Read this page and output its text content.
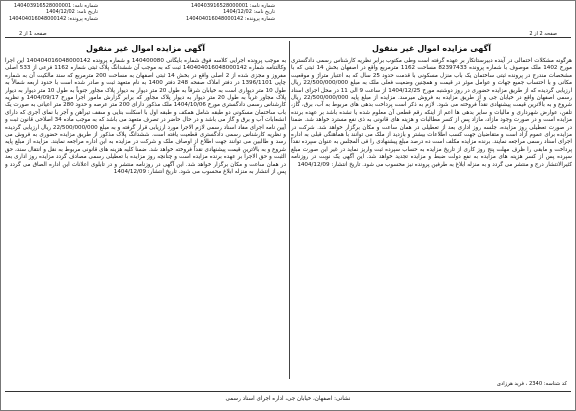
شماره نامه: 140403916528000001
تاریخ نامه: 1404/12/02
شماره پرونده: 140404016048000142
شماره نامه: 140403916528000001
تاریخ نامه: 1404/12/02
شماره پرونده: 140404016048000142
صفحه 1 از 2	صفحه 2 از 2
آگهی مزایده اموال غیر منقول
هرگونه مشکلات احتمالی در آینده دبیرستانکار بر عهده گرفته است وطی مکتوب برابر نظریه کارشناس رسمی دادگستری مورخ 1402 ملک موصوف با شماره پرونده 82397433 مساحت 1162 مترمربع واقع در اصفهان بخش 14 ثبتی که با مشخصات مندرج در پرونده ثبتی ساختمان یک باب منزل مسکونی با قدمت حدود 25 سال که به اعتبار متراژ و موقعیت مکانی و با احتساب جمیع جهات و عوامل موثر در قیمت و همچنین وضعیت فعلی ملک به مبلغ 22/500/000/000 ریال ارزیابی گردیده که از طریق مزایده حضوری در روز دوشنبه مورخ 1404/12/25 از ساعت 9 الی 11 در محل اجرای اسناد رسمی اصفهان واقع در خیابان جی و از طریق مزایده به فروش میرسد. مزایده از مبلغ پایه 22/500/000/000 ریال شروع و به بالاترین قیمت پیشنهادی نقداً فروخته می شود. لازم به ذکر است پرداخت بدهی های مربوط به آب، برق، گاز، تلفن، عوارض شهرداری و مالیات و سایر بدهی ها اعم از اینکه رقم قطعی آن معلوم شده یا نشده باشد بر عهده برنده مزایده است و در صورت وجود مازاد، مازاد پس از کسر مطالبات و هزینه های قانونی به ذی نفع مسترد خواهد شد. ضمنا در صورت تعطیلی روز مزایده، جلسه روز اداری بعد از تعطیلی در همان ساعت و مکان برگزار خواهد شد. شرکت در مزایده برای عموم آزاد است و متقاضیان جهت کسب اطلاعات بیشتر و بازدید از ملک می توانند با هماهنگی قبلی به اداره اجرای اسناد رسمی مراجعه نمایند. برنده مزایده مکلف است ده درصد مبلغ پیشنهادی را فی المجلس به عنوان سپرده نقداً پرداخت و مابقی را ظرف مهلت پنج روز کاری از تاریخ مزایده به حساب سپرده ثبت واریز نماید در غیر این صورت مبلغ سپرده پس از کسر هزینه های مزایده به نفع دولت ضبط و مزایده تجدید خواهد شد. این آگهی یک نوبت در روزنامه کثیرالانتشار درج و منتشر می گردد و به منزله ابلاغ به طرفین پرونده نیز محسوب می شود. تاریخ انتشار: 1404/12/09
آگهی مزایده اموال غیر منقول
به موجب پرونده اجرایی کلاسه فوق شماره بایگانی 140400080 و شماره پرونده 140404016048000142 این اجرا وکالتنامه شماره 140404016048000142 ثبت که به موجب آن ششدانگ پلاک ثبتی شماره 1162 فرعی از 533 اصلی مفروز و مجزی شده از 2 اصلی واقع در بخش 14 ثبتی اصفهان به مساحت 200 مترمربع که سند مالکیت آن به شماره چاپی 1396/1101 در دفتر املاک صفحه 248 دفتر 1400 به نام متعهد ثبت و صادر شده است با حدود اربعه شمالاً به طول 10 متر دیواری است به خیابان شرقاً به طول 20 متر دیوار به دیوار پلاک مجاور جنوباً به طول 10 متر دیوار به دیوار پلاک مجاور غرباً به طول 20 متر دیوار به دیوار پلاک مجاور که برابر گزارش مامور اجرا مورخ 1404/09/17 و نظریه کارشناس رسمی دادگستری مورخ 1404/10/06 ملک مذکور دارای 200 متر عرصه و حدود 280 متر اعیانی به صورت یک باب ساختمان مسکونی دو طبقه شامل همکف و طبقه اول با اسکلت بنایی و سقف تیرآهن و آجر با نمای آجری که دارای انشعابات آب و برق و گاز می باشد و در حال حاضر در تصرف متعهد می باشد که به موجب ماده 34 اصلاحی قانون ثبت و آیین نامه اجرای مفاد اسناد رسمی لازم الاجرا مورد ارزیابی قرار گرفته و به مبلغ 22/500/000/000 ریال ارزیابی گردیده و نظریه کارشناس رسمی دادگستری قطعیت یافته است. ششدانگ پلاک مذکور از طریق مزایده حضوری به فروش می رسد و طالبین می توانند جهت اطلاع از اوصاف ملک و شرکت در مزایده به این اداره مراجعه نمایند. مزایده از مبلغ پایه شروع و به بالاترین قیمت پیشنهادی نقداً فروخته خواهد شد. ضمنا کلیه هزینه های قانونی مربوط به نقل و انتقال سند، حق الثبت و حق الاجرا بر عهده برنده مزایده است و چنانچه روز مزایده با تعطیلی رسمی مصادف گردد مزایده روز اداری بعد در همان ساعت و مکان برگزار خواهد شد. این آگهی در روزنامه منتشر و در تابلوی اعلانات این اداره الصاق می گردد و پس از انتشار به منزله ابلاغ محسوب می شود. تاریخ انتشار: 1404/12/09
کد شناسه: 2340 ، فرید هرزادی
نشانی: اصفهان، خیابان جی، اداره اجرای اسناد رسمی
